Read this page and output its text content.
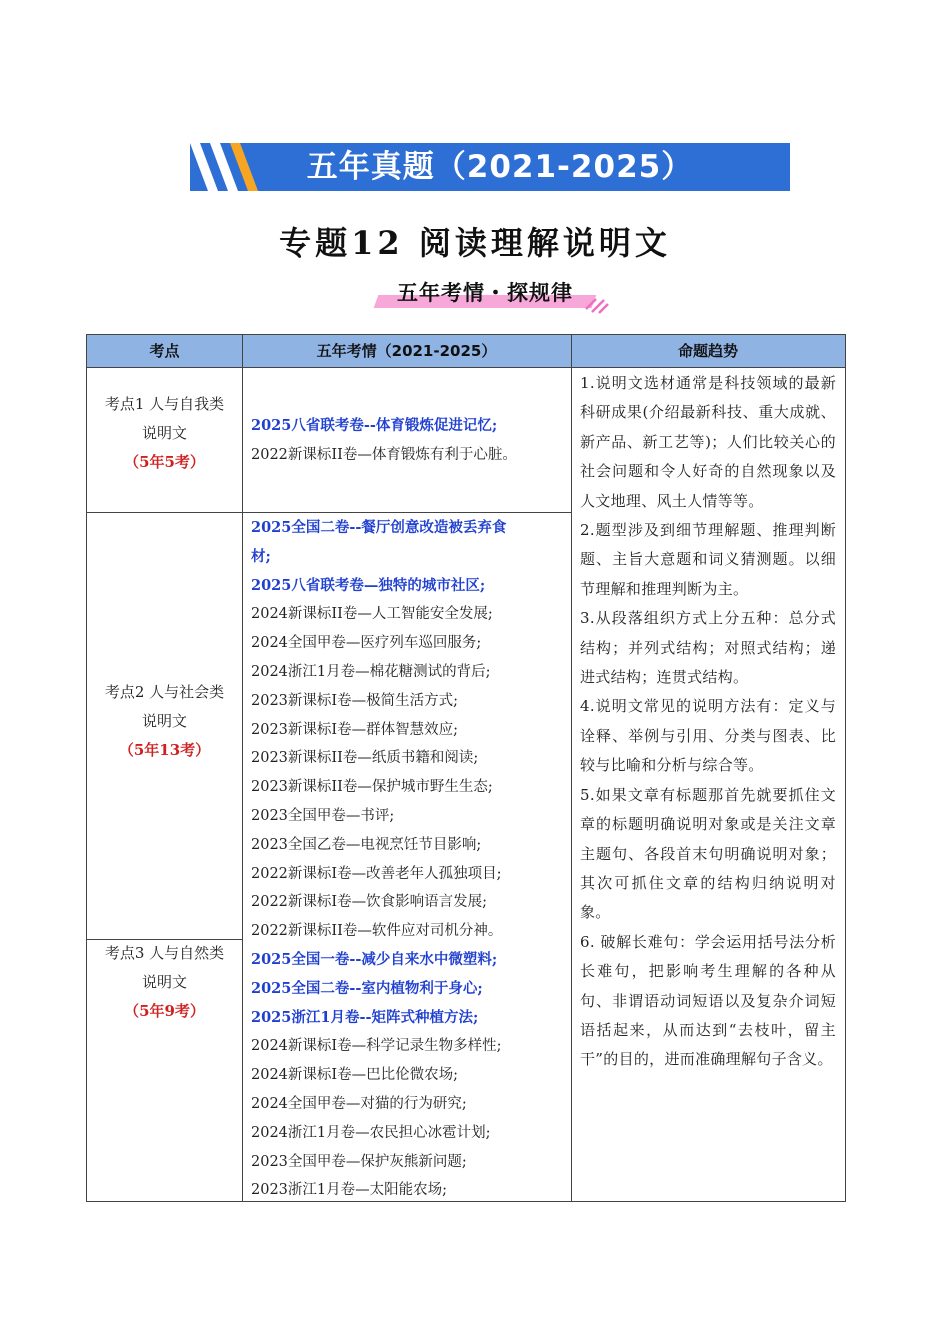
五年真题（2021-2025）
专题12 阅读理解说明文
五年考情・探规律
考点	五年考情（2021-2025）	命题趋势
考点1 人与自我类
说明文
（5年5考）
考点2 人与社会类
说明文
（5年13考）
考点3 人与自然类
说明文
（5年9考）
2025八省联考卷--体育锻炼促进记忆;
2022新课标II卷—体育锻炼有利于心脏。
2025全国二卷--餐厅创意改造被丢弃食
材;
2025八省联考卷—独特的城市社区;
2024新课标II卷—人工智能安全发展;
2024全国甲卷—医疗列车巡回服务;
2024浙江1月卷—棉花糖测试的背后;
2023新课标I卷—极简生活方式;
2023新课标I卷—群体智慧效应;
2023新课标II卷—纸质书籍和阅读;
2023新课标II卷—保护城市野生生态;
2023全国甲卷—书评;
2023全国乙卷—电视烹饪节目影响;
2022新课标I卷—改善老年人孤独项目;
2022新课标I卷—饮食影响语言发展;
2022新课标II卷—软件应对司机分神。
2025全国一卷--减少自来水中微塑料;
2025全国二卷--室内植物利于身心;
2025浙江1月卷--矩阵式种植方法;
2024新课标I卷—科学记录生物多样性;
2024新课标I卷—巴比伦微农场;
2024全国甲卷—对猫的行为研究;
2024浙江1月卷—农民担心冰雹计划;
2023全国甲卷—保护灰熊新问题;
2023浙江1月卷—太阳能农场;

1.说明文选材通常是科技领域的最新科研成果(介绍最新科技、重大成就、新产品、新工艺等)；人们比较关心的社会问题和令人好奇的自然现象以及人文地理、风土人情等等。

2.题型涉及到细节理解题、推理判断题、主旨大意题和词义猜测题。以细节理解和推理判断为主。

3.从段落组织方式上分五种：总分式结构；并列式结构；对照式结构；递进式结构；连贯式结构。

4.说明文常见的说明方法有：定义与诠释、举例与引用、分类与图表、比较与比喻和分析与综合等。

5.如果文章有标题那首先就要抓住文章的标题明确说明对象或是关注文章主题句、各段首末句明确说明对象；其次可抓住文章的结构归纳说明对象。

6. 破解长难句：学会运用括号法分析长难句，把影响考生理解的各种从句、非谓语动词短语以及复杂介词短语括起来，从而达到“去枝叶，留主干”的目的，进而准确理解句子含义。
